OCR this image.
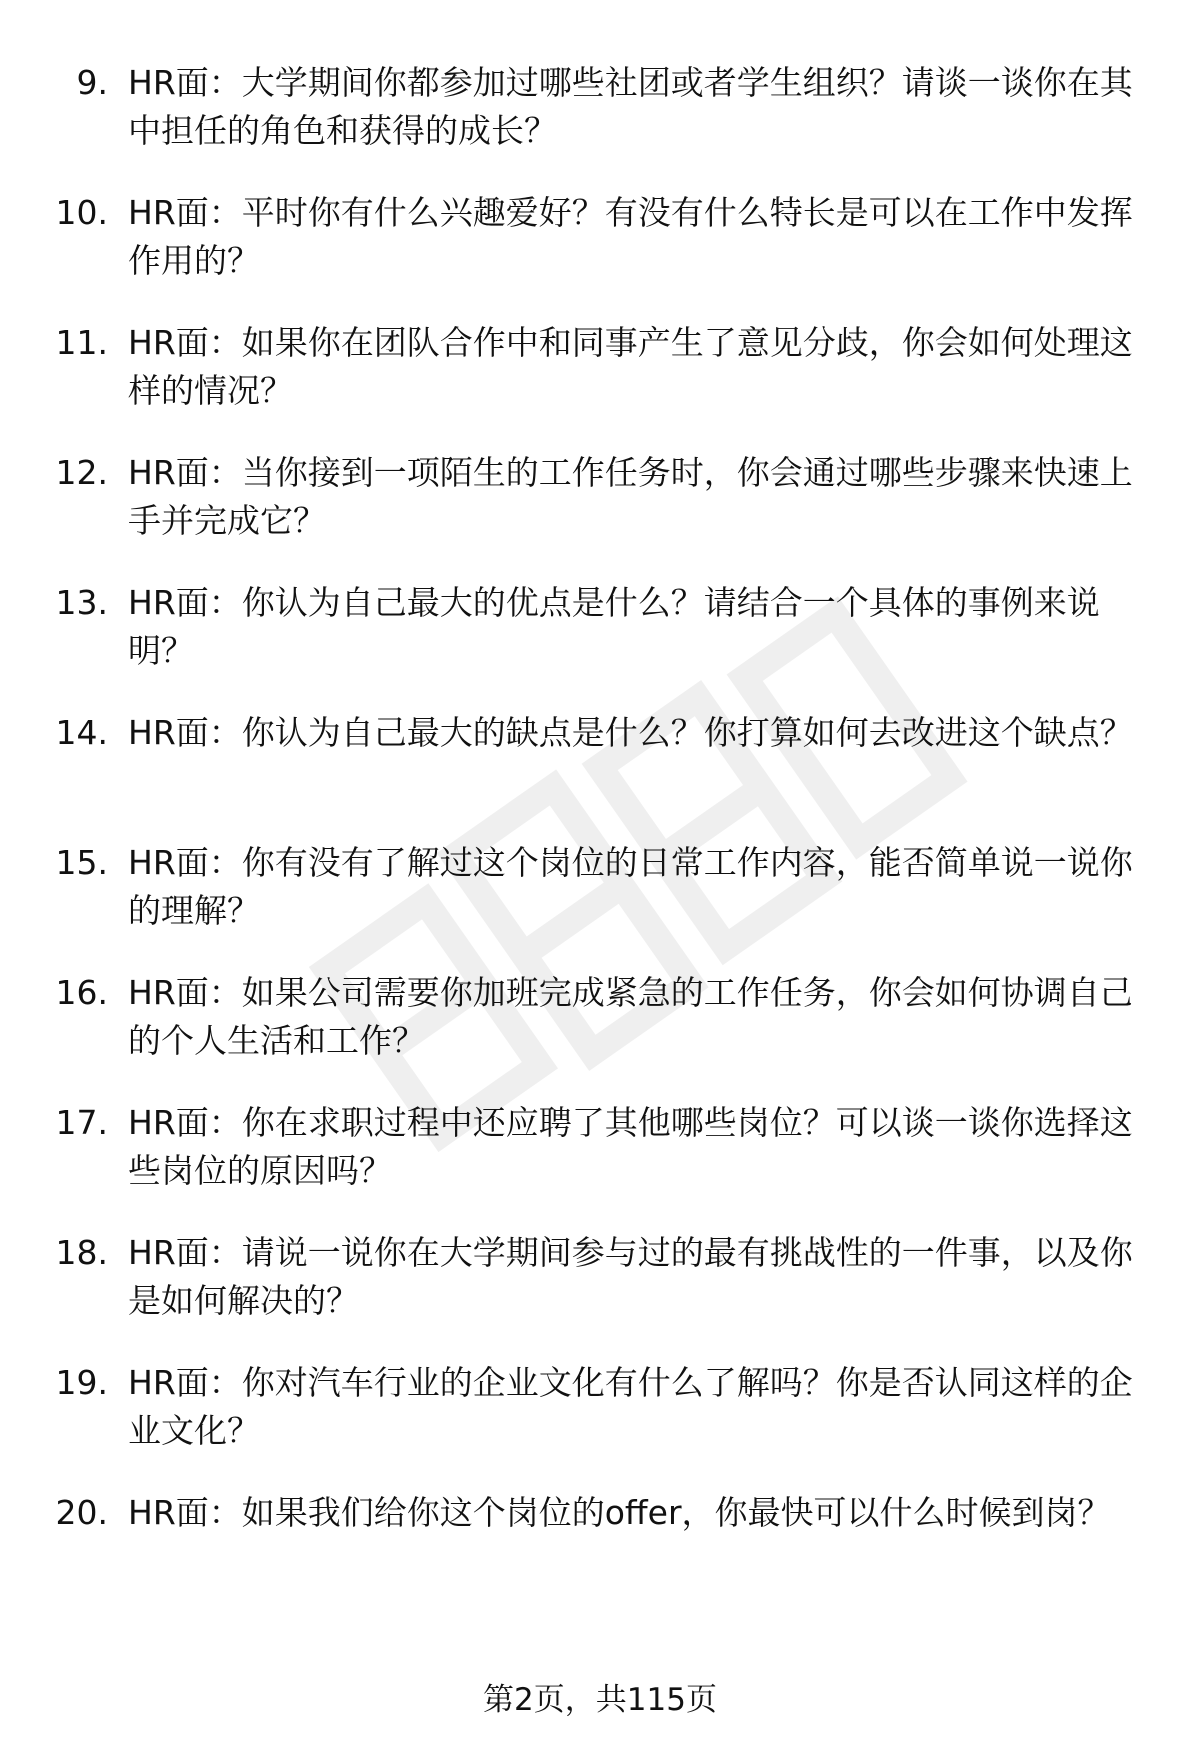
9. HR面：大学期间你都参加过哪些社团或者学生组织？请谈一谈你在其中担任的角色和获得的成长？
10. HR面：平时你有什么兴趣爱好？有没有什么特长是可以在工作中发挥作用的？
11. HR面：如果你在团队合作中和同事产生了意见分歧，你会如何处理这样的情况？
12. HR面：当你接到一项陌生的工作任务时，你会通过哪些步骤来快速上手并完成它？
13. HR面：你认为自己最大的优点是什么？请结合一个具体的事例来说明？
14. HR面：你认为自己最大的缺点是什么？你打算如何去改进这个缺点？
15. HR面：你有没有了解过这个岗位的日常工作内容，能否简单说一说你的理解？
16. HR面：如果公司需要你加班完成紧急的工作任务，你会如何协调自己的个人生活和工作？
17. HR面：你在求职过程中还应聘了其他哪些岗位？可以谈一谈你选择这些岗位的原因吗？
18. HR面：请说一说你在大学期间参与过的最有挑战性的一件事，以及你是如何解决的？
19. HR面：你对汽车行业的企业文化有什么了解吗？你是否认同这样的企业文化？
20. HR面：如果我们给你这个岗位的offer，你最快可以什么时候到岗？
第2页，共115页
